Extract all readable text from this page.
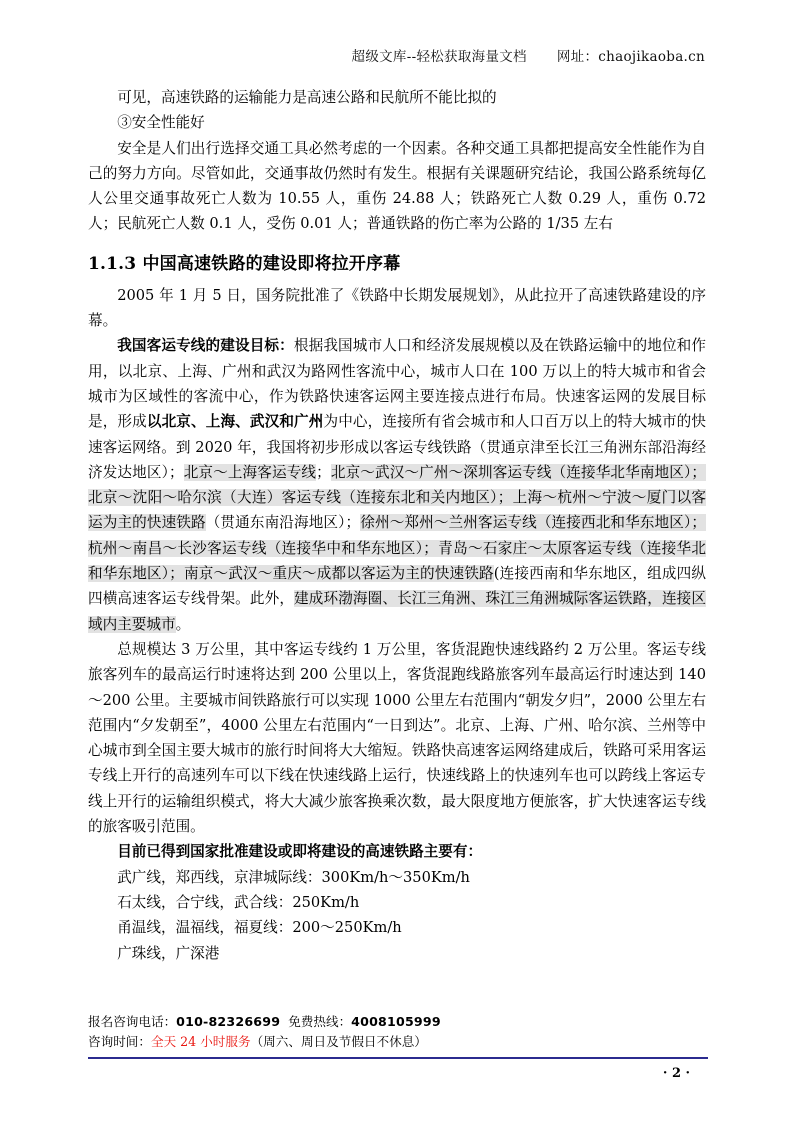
超级文库--轻松获取海量文档 网址：chaojikaoba.cn

可见，高速铁路的运输能力是高速公路和民航所不能比拟的

③安全性能好

安全是人们出行选择交通工具必然考虑的一个因素。各种交通工具都把提高安全性能作为自己的努力方向。尽管如此，交通事故仍然时有发生。根据有关课题研究结论，我国公路系统每亿人公里交通事故死亡人数为 10.55 人，重伤 24.88 人；铁路死亡人数 0.29 人，重伤 0.72 人；民航死亡人数 0.1 人，受伤 0.01 人；普通铁路的伤亡率为公路的 1/35 左右

1.1.3 中国高速铁路的建设即将拉开序幕

2005 年 1 月 5 日，国务院批准了《铁路中长期发展规划》，从此拉开了高速铁路建设的序幕。

我国客运专线的建设目标：根据我国城市人口和经济发展规模以及在铁路运输中的地位和作用，以北京、上海、广州和武汉为路网性客流中心，城市人口在 100 万以上的特大城市和省会城市为区域性的客流中心，作为铁路快速客运网主要连接点进行布局。快速客运网的发展目标是，形成以北京、上海、武汉和广州为中心，连接所有省会城市和人口百万以上的特大城市的快速客运网络。到 2020 年，我国将初步形成以客运专线铁路（贯通京津至长江三角洲东部沿海经济发达地区）；北京～上海客运专线；北京～武汉～广州～深圳客运专线（连接华北华南地区）；北京～沈阳～哈尔滨（大连）客运专线（连接东北和关内地区）；上海～杭州～宁波～厦门以客运为主的快速铁路（贯通东南沿海地区）；徐州～郑州～兰州客运专线（连接西北和华东地区）；杭州～南昌～长沙客运专线（连接华中和华东地区）；青岛～石家庄～太原客运专线（连接华北和华东地区）；南京～武汉～重庆～成都以客运为主的快速铁路(连接西南和华东地区，组成四纵四横高速客运专线骨架。此外，建成环渤海圈、长江三角洲、珠江三角洲城际客运铁路，连接区域内主要城市。

总规模达 3 万公里，其中客运专线约 1 万公里，客货混跑快速线路约 2 万公里。客运专线旅客列车的最高运行时速将达到 200 公里以上，客货混跑线路旅客列车最高运行时速达到 140～200 公里。主要城市间铁路旅行可以实现 1000 公里左右范围内“朝发夕归”，2000 公里左右范围内“夕发朝至”，4000 公里左右范围内“一日到达”。北京、上海、广州、哈尔滨、兰州等中心城市到全国主要大城市的旅行时间将大大缩短。铁路快高速客运网络建成后，铁路可采用客运专线上开行的高速列车可以下线在快速线路上运行，快速线路上的快速列车也可以跨线上客运专线上开行的运输组织模式，将大大减少旅客换乘次数，最大限度地方便旅客，扩大快速客运专线的旅客吸引范围。

目前已得到国家批准建设或即将建设的高速铁路主要有：

武广线，郑西线，京津城际线：300Km/h～350Km/h

石太线，合宁线，武合线：250Km/h

甬温线，温福线，福夏线：200～250Km/h

广珠线，广深港

报名咨询电话：010-82326699 免费热线：4008105999
咨询时间：全天 24 小时服务（周六、周日及节假日不休息）
· 2 ·
